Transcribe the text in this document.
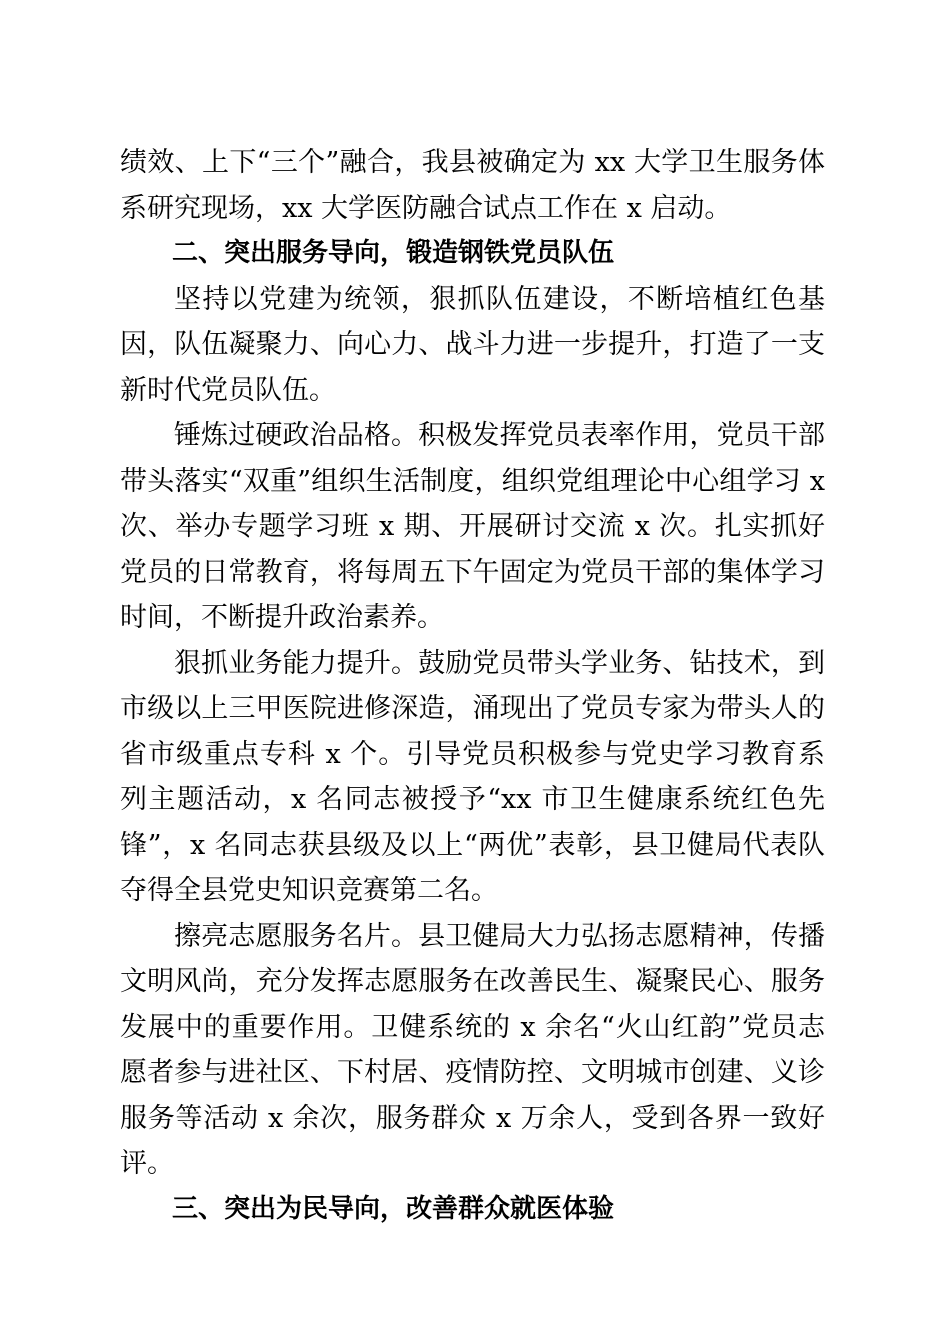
绩效、上下“三个”融合，我县被确定为 xx 大学卫生服务体系研究现场，xx 大学医防融合试点工作在 x 启动。

二、突出服务导向，锻造钢铁党员队伍

坚持以党建为统领，狠抓队伍建设，不断培植红色基因，队伍凝聚力、向心力、战斗力进一步提升，打造了一支新时代党员队伍。

锤炼过硬政治品格。积极发挥党员表率作用，党员干部带头落实“双重”组织生活制度，组织党组理论中心组学习 x 次、举办专题学习班 x 期、开展研讨交流 x 次。扎实抓好党员的日常教育，将每周五下午固定为党员干部的集体学习时间，不断提升政治素养。

狠抓业务能力提升。鼓励党员带头学业务、钻技术，到市级以上三甲医院进修深造，涌现出了党员专家为带头人的省市级重点专科 x 个。引导党员积极参与党史学习教育系列主题活动，x 名同志被授予“xx 市卫生健康系统红色先锋”，x 名同志获县级及以上“两优”表彰，县卫健局代表队夺得全县党史知识竞赛第二名。

擦亮志愿服务名片。县卫健局大力弘扬志愿精神，传播文明风尚，充分发挥志愿服务在改善民生、凝聚民心、服务发展中的重要作用。卫健系统的 x 余名“火山红韵”党员志愿者参与进社区、下村居、疫情防控、文明城市创建、义诊服务等活动 x 余次，服务群众 x 万余人，受到各界一致好评。

三、突出为民导向，改善群众就医体验
